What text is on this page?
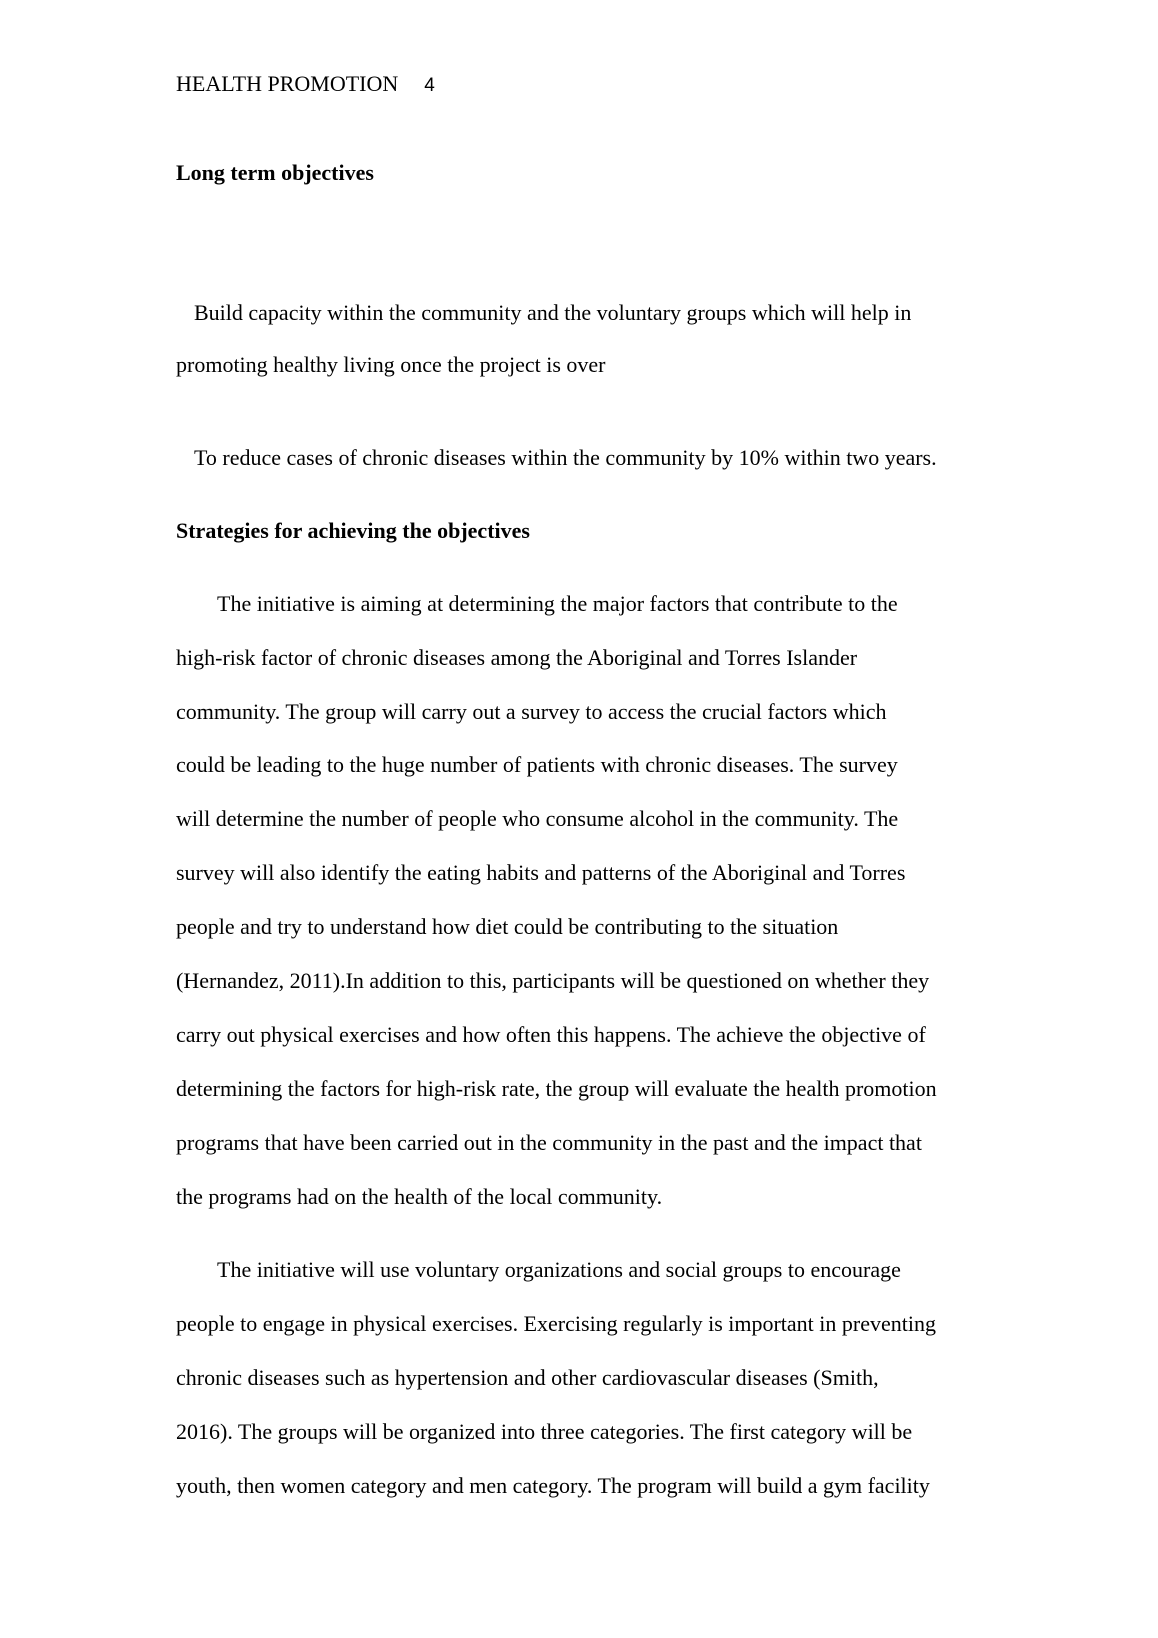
HEALTH PROMOTION 4
Long term objectives
Build capacity within the community and the voluntary groups which will help in
promoting healthy living once the project is over
To reduce cases of chronic diseases within the community by 10% within two years.
Strategies for achieving the objectives
The initiative is aiming at determining the major factors that contribute to the
high-risk factor of chronic diseases among the Aboriginal and Torres Islander
community. The group will carry out a survey to access the crucial factors which
could be leading to the huge number of patients with chronic diseases. The survey
will determine the number of people who consume alcohol in the community. The
survey will also identify the eating habits and patterns of the Aboriginal and Torres
people and try to understand how diet could be contributing to the situation
(Hernandez, 2011).In addition to this, participants will be questioned on whether they
carry out physical exercises and how often this happens. The achieve the objective of
determining the factors for high-risk rate, the group will evaluate the health promotion
programs that have been carried out in the community in the past and the impact that
the programs had on the health of the local community.
The initiative will use voluntary organizations and social groups to encourage
people to engage in physical exercises. Exercising regularly is important in preventing
chronic diseases such as hypertension and other cardiovascular diseases (Smith,
2016). The groups will be organized into three categories. The first category will be
youth, then women category and men category. The program will build a gym facility
